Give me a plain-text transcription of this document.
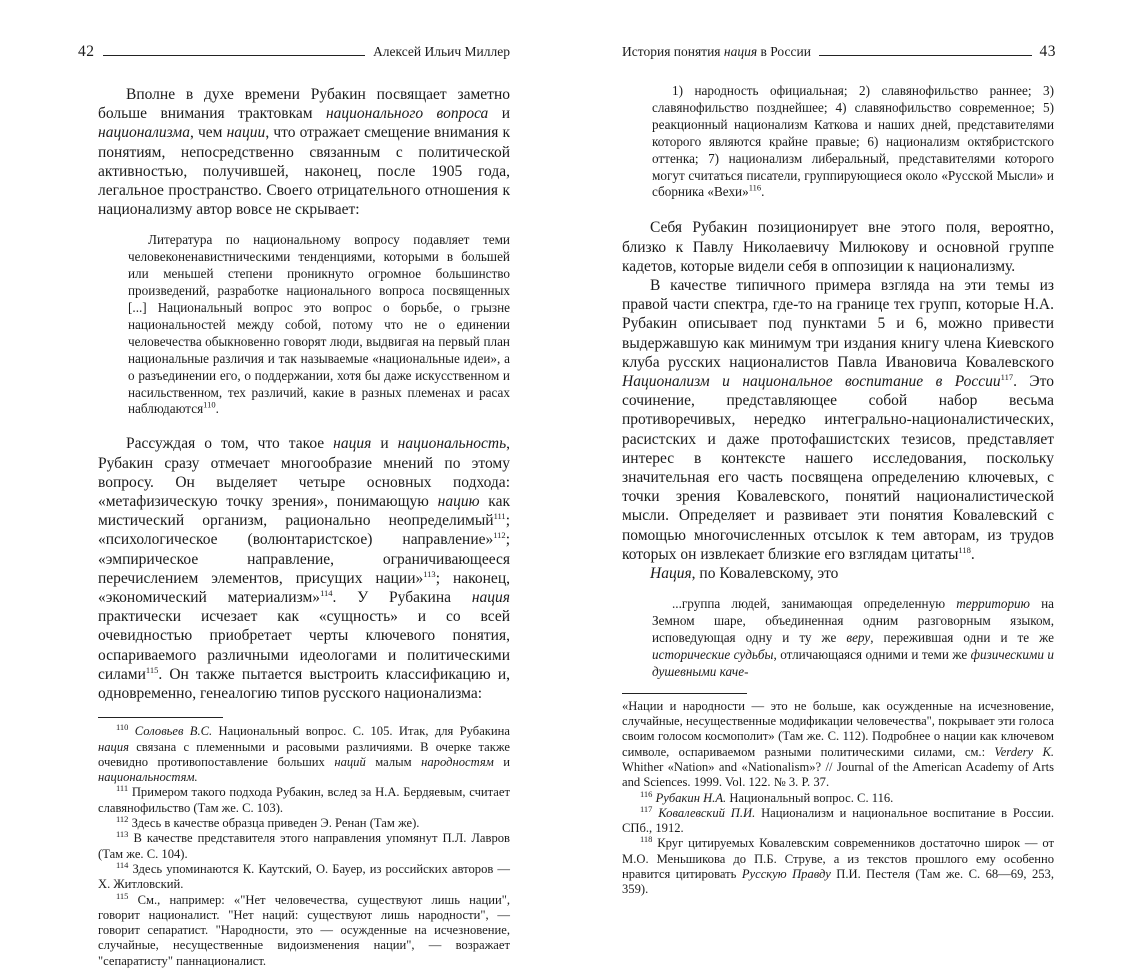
42	Алексей Ильич Миллер

Вполне в духе времени Рубакин посвящает заметно больше внимания трактовкам национального вопроса и национализма, чем нации, что отражает смещение внимания к понятиям, непосредственно связанным с политической активностью, получившей, наконец, после 1905 года, легальное пространство. Своего отрицательного отношения к национализму автор вовсе не скрывает:

Литература по национальному вопросу подавляет теми человеконенавистническими тенденциями, которыми в большей или меньшей степени проникнуто огромное большинство произведений, разработке национального вопроса посвященных [...] Национальный вопрос это вопрос о борьбе, о грызне национальностей между собой, потому что не о единении человечества обыкновенно говорят люди, выдвигая на первый план национальные различия и так называемые «национальные идеи», а о разъединении его, о поддержании, хотя бы даже искусственном и насильственном, тех различий, какие в разных племенах и расах наблюдаются$^{110}$.

Рассуждая о том, что такое нация и национальность, Рубакин сразу отмечает многообразие мнений по этому вопросу. Он выделяет четыре основных подхода: «метафизическую точку зрения», понимающую нацию как мистический организм, рационально неопределимый$^{111}$; «психологическое (волюнтаристское) направление»$^{112}$; «эмпирическое направление, ограничивающееся перечислением элементов, присущих нации»$^{113}$; наконец, «экономический материализм»$^{114}$. У Рубакина нация практически исчезает как «сущность» и со всей очевидностью приобретает черты ключевого понятия, оспариваемого различными идеологами и политическими силами$^{115}$. Он также пытается выстроить классификацию и, одновременно, генеалогию типов русского национализма:

$^{110}$ Соловьев В.С. Национальный вопрос. С. 105. Итак, для Рубакина нация связана с племенными и расовыми различиями. В очерке также очевидно противопоставление больших наций малым народностям и национальностям.

$^{111}$ Примером такого подхода Рубакин, вслед за Н.А. Бердяевым, считает славянофильство (Там же. С. 103).

$^{112}$ Здесь в качестве образца приведен Э. Ренан (Там же).

$^{113}$ В качестве представителя этого направления упомянут П.Л. Лавров (Там же. С. 104).

$^{114}$ Здесь упоминаются К. Каутский, О. Бауер, из российских авторов — Х. Житловский.

$^{115}$ См., например: «"Нет человечества, существуют лишь нации", говорит националист. "Нет наций: существуют лишь народности", — говорит сепаратист. "Народности, это — осужденные на исчезновение, случайные, несущественные видоизменения нации", — возражает "сепаратисту" паннационалист.

История понятия нация в России	43

1) народность официальная; 2) славянофильство раннее; 3) славянофильство позднейшее; 4) славянофильство современное; 5) реакционный национализм Каткова и наших дней, представителями которого являются крайне правые; 6) национализм октябристского оттенка; 7) национализм либеральный, представителями которого могут считаться писатели, группирующиеся около «Русской Мысли» и сборника «Вехи»$^{116}$.

Себя Рубакин позиционирует вне этого поля, вероятно, близко к Павлу Николаевичу Милюкову и основной группе кадетов, которые видели себя в оппозиции к национализму.

В качестве типичного примера взгляда на эти темы из правой части спектра, где-то на границе тех групп, которые Н.А. Рубакин описывает под пунктами 5 и 6, можно привести выдержавшую как минимум три издания книгу члена Киевского клуба русских националистов Павла Ивановича Ковалевского Национализм и национальное воспитание в России$^{117}$. Это сочинение, представляющее собой набор весьма противоречивых, нередко интегрально-националистических, расистских и даже протофашистских тезисов, представляет интерес в контексте нашего исследования, поскольку значительная его часть посвящена определению ключевых, с точки зрения Ковалевского, понятий националистической мысли. Определяет и развивает эти понятия Ковалевский с помощью многочисленных отсылок к тем авторам, из трудов которых он извлекает близкие его взглядам цитаты$^{118}$.

Нация, по Ковалевскому, это

...группа людей, занимающая определенную территорию на Земном шаре, объединенная одним разговорным языком, исповедующая одну и ту же веру, пережившая одни и те же исторические судьбы, отличающаяся одними и теми же физическими и душевными каче-

«Нации и народности — это не больше, как осужденные на исчезновение, случайные, несущественные модификации человечества", покрывает эти голоса своим голосом космополит» (Там же. С. 112). Подробнее о нации как ключевом символе, оспариваемом разными политическими силами, см.: Verdery K. Whither «Nation» and «Nationalism»? // Journal of the American Academy of Arts and Sciences. 1999. Vol. 122. № 3. P. 37.

$^{116}$ Рубакин Н.А. Национальный вопрос. С. 116.

$^{117}$ Ковалевский П.И. Национализм и национальное воспитание в России. СПб., 1912.

$^{118}$ Круг цитируемых Ковалевским современников достаточно широк — от М.О. Меньшикова до П.Б. Струве, а из текстов прошлого ему особенно нравится цитировать Русскую Правду П.И. Пестеля (Там же. С. 68—69, 253, 359).
